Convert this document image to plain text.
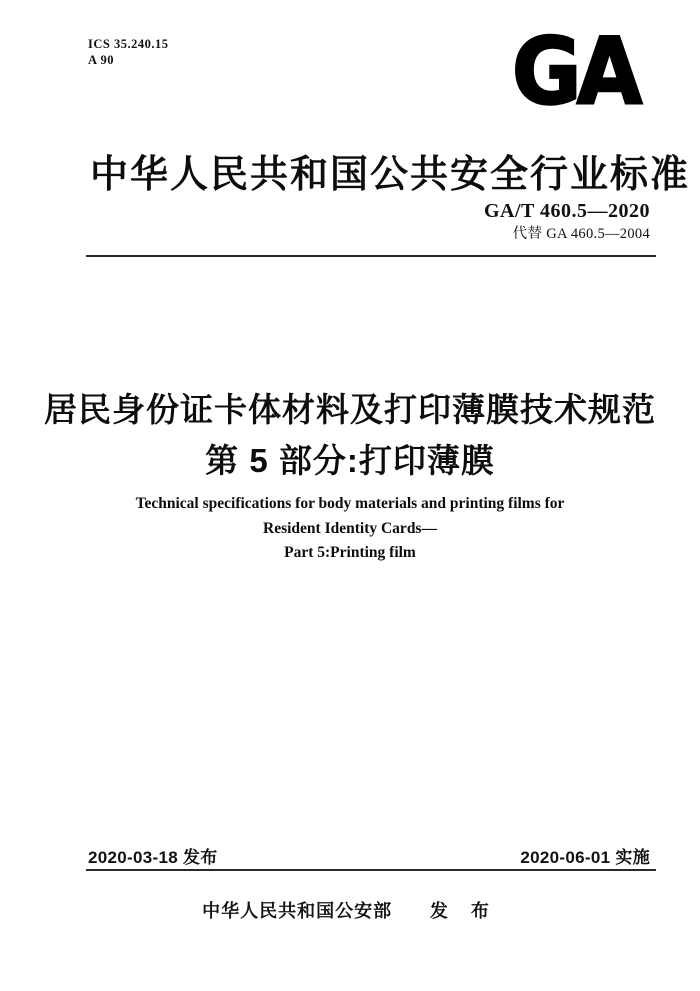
ICS 35.240.15
A 90	GA
中华人民共和国公共安全行业标准
GA/T 460.5—2020
代替 GA 460.5—2004
居民身份证卡体材料及打印薄膜技术规范
第 5 部分:打印薄膜
Technical specifications for body materials and printing films for
Resident Identity Cards—
Part 5:Printing film
2020-03-18 发布	2020-06-01 实施
中华人民共和国公安部 发 布
